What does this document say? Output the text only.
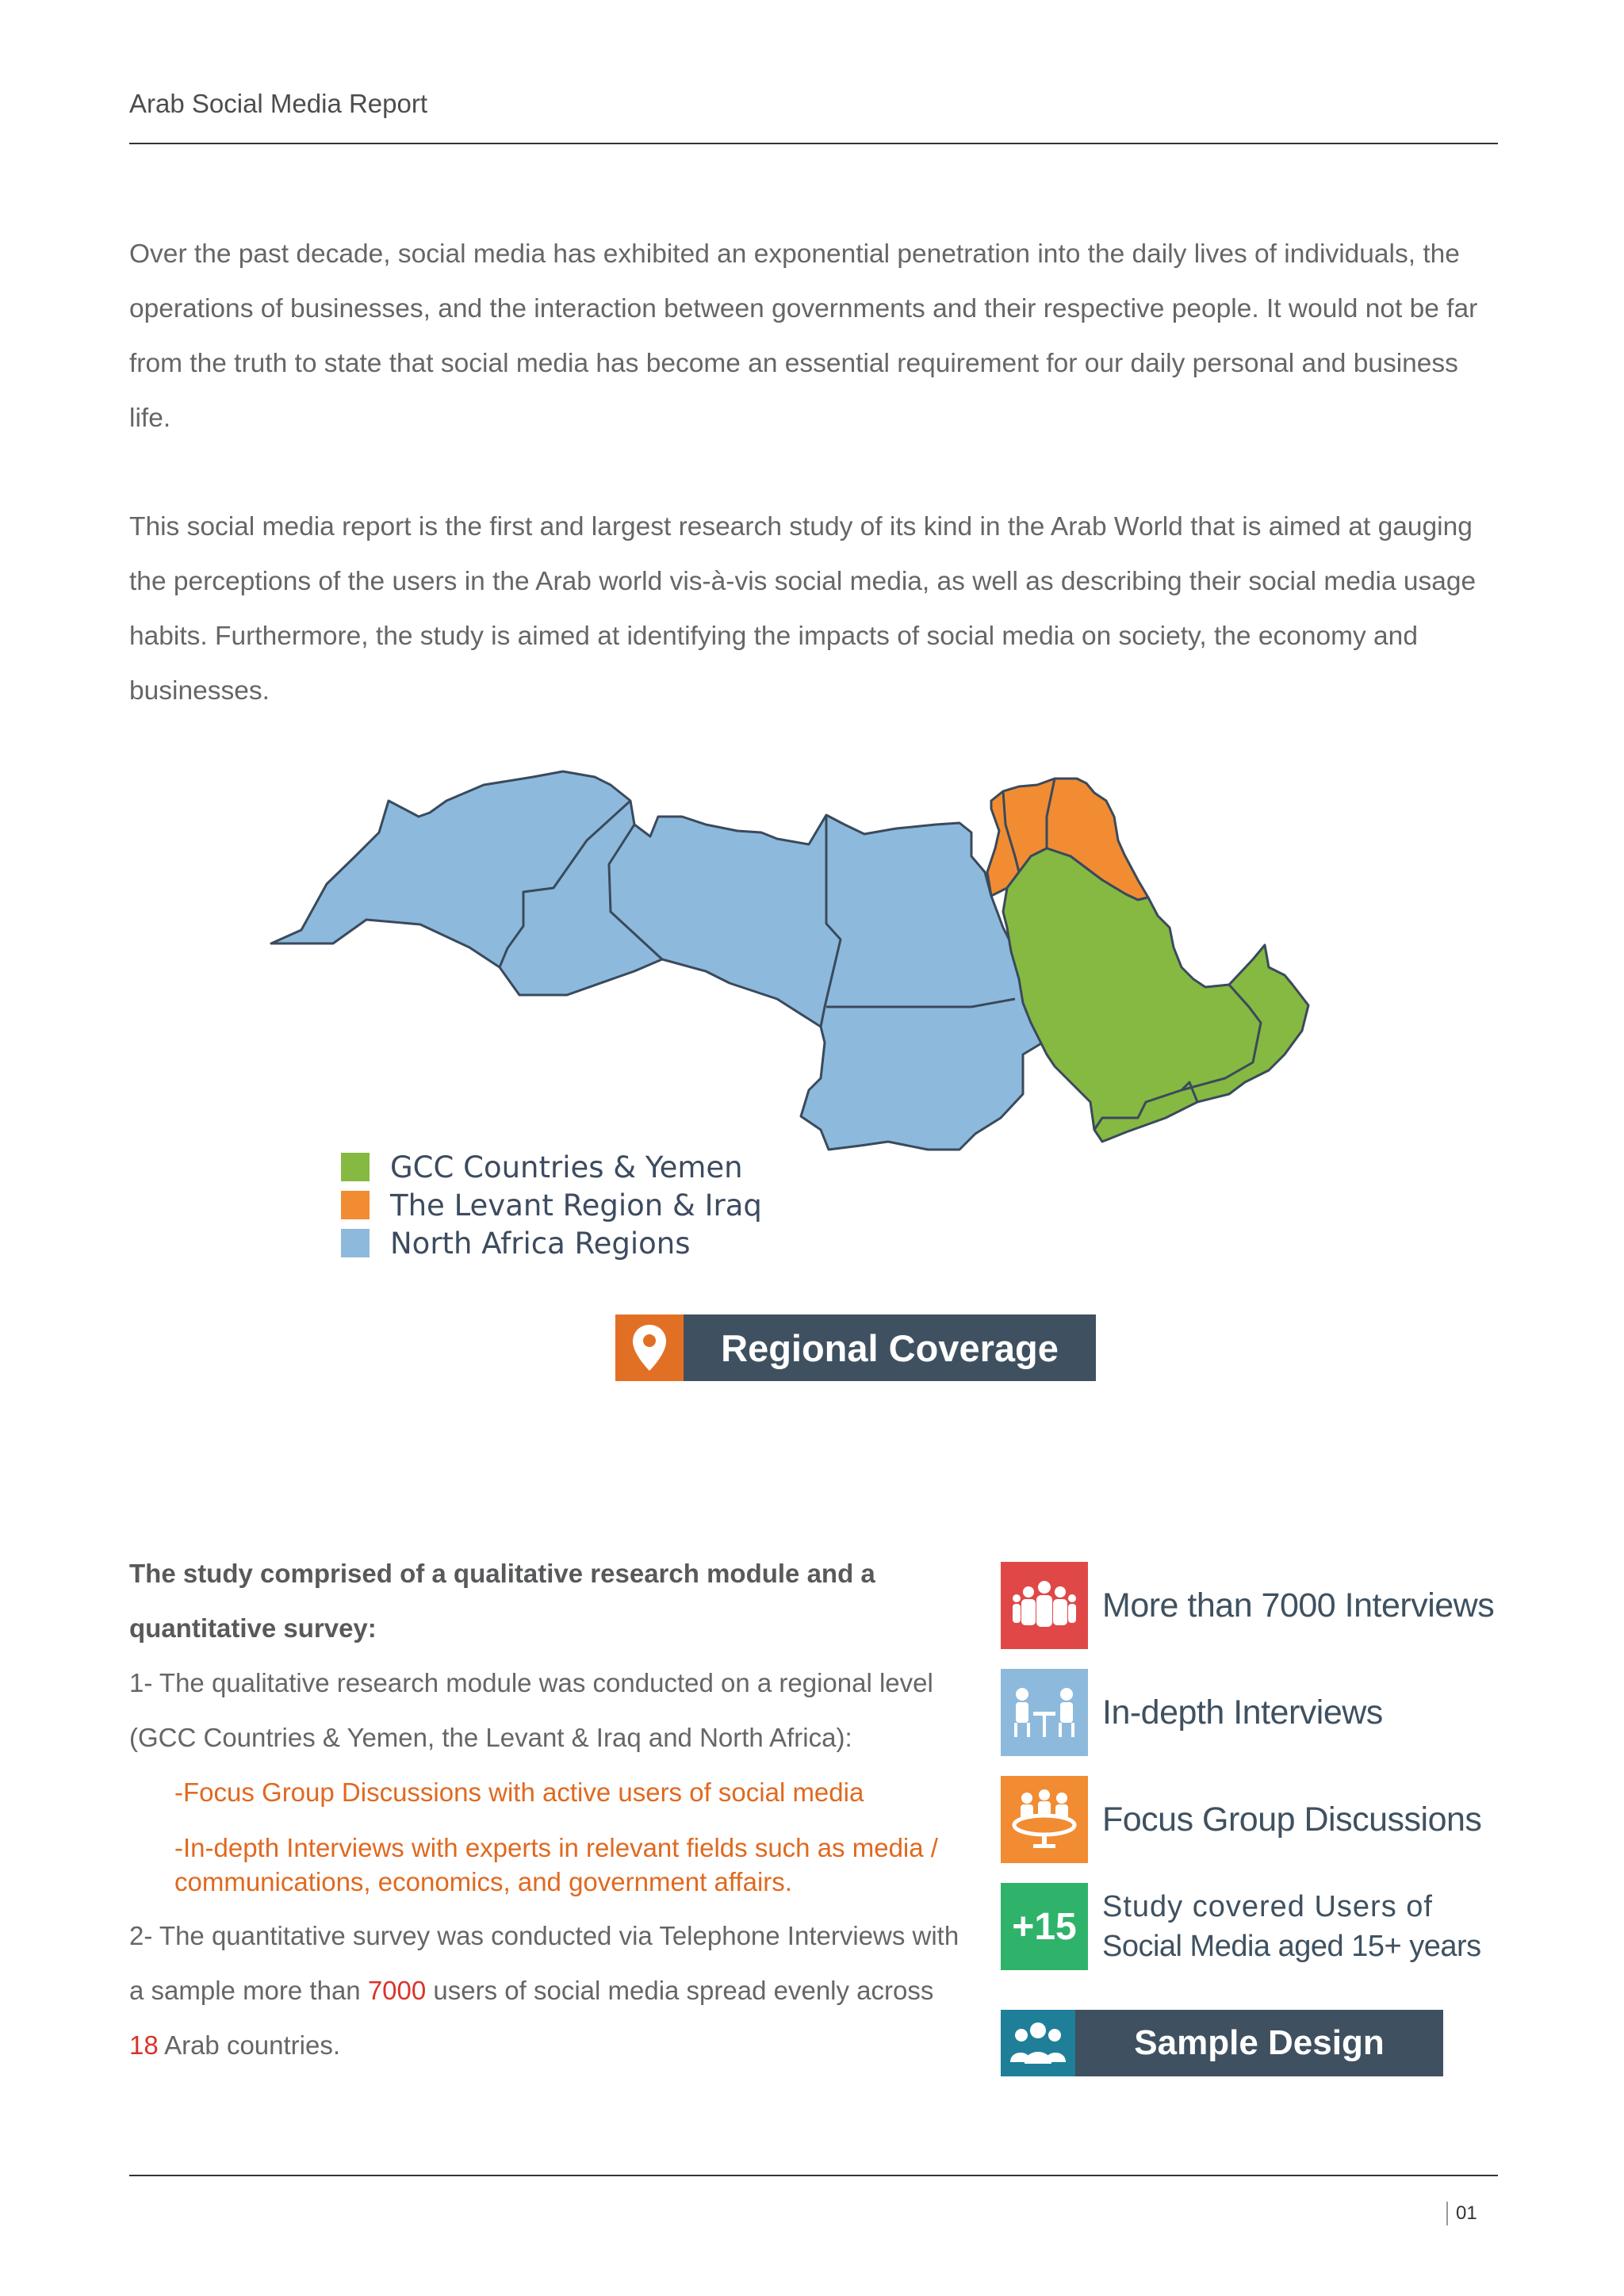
Arab Social Media Report

Over the past decade, social media has exhibited an exponential penetration into the daily lives of individuals, the operations of businesses, and the interaction between governments and their respective people. It would not be far from the truth to state that social media has become an essential requirement for our daily personal and business life.

This social media report is the first and largest research study of its kind in the Arab World that is aimed at gauging the perceptions of the users in the Arab world vis-à-vis social media, as well as describing their social media usage habits. Furthermore, the study is aimed at identifying the impacts of social media on society, the economy and businesses.

GCC Countries & Yemen
The Levant Region & Iraq
North Africa Regions
Regional Coverage

The study comprised of a qualitative research module and a quantitative survey:

1- The qualitative research module was conducted on a regional level (GCC Countries & Yemen, the Levant & Iraq and North Africa):

-Focus Group Discussions with active users of social media

-In-depth Interviews with experts in relevant fields such as media / communications, economics, and government affairs.

2- The quantitative survey was conducted via Telephone Interviews with a sample more than 7000 users of social media spread evenly across 18 Arab countries.

More than 7000 Interviews
In-depth Interviews
Focus Group Discussions
+15 Study covered Users of
Social Media aged 15+ years
Sample Design
01
